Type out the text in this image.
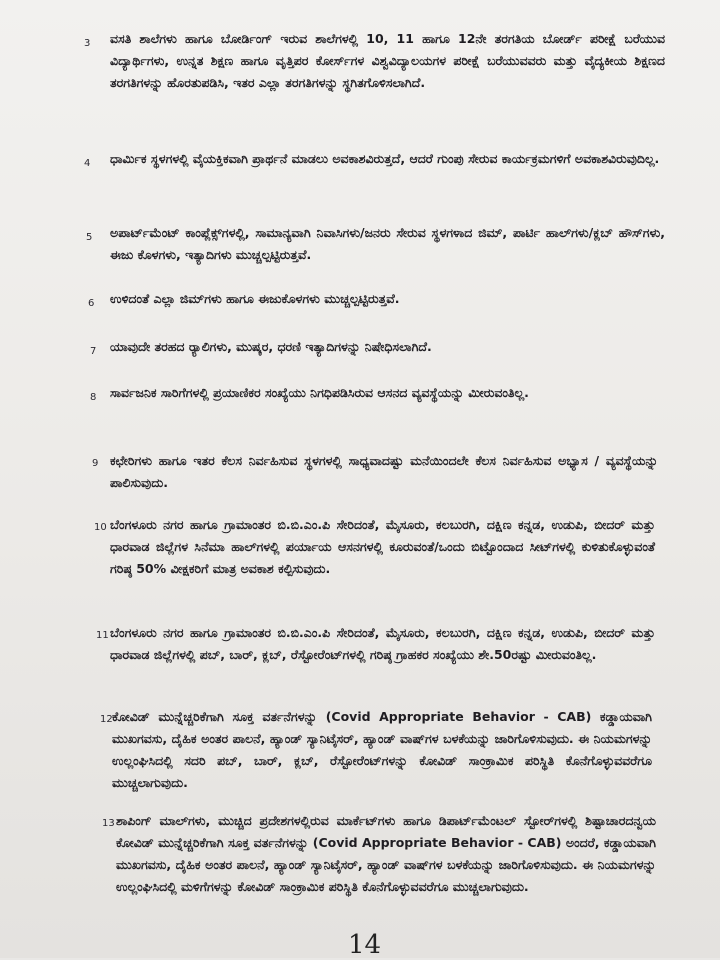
3 ವಸತಿ ಶಾಲೆಗಳು ಹಾಗೂ ಬೋರ್ಡಿಂಗ್ ಇರುವ ಶಾಲೆಗಳಲ್ಲಿ 10, 11 ಹಾಗೂ 12ನೇ ತರಗತಿಯ ಬೋರ್ಡ್ ಪರೀಕ್ಷೆ ಬರೆಯುವ ವಿದ್ಯಾರ್ಥಿಗಳು, ಉನ್ನತ ಶಿಕ್ಷಣ ಹಾಗೂ ವೃತ್ತಿಪರ ಕೋರ್ಸ್‌ಗಳ ವಿಶ್ವವಿದ್ಯಾಲಯಗಳ ಪರೀಕ್ಷೆ ಬರೆಯುವವರು ಮತ್ತು ವೈದ್ಯಕೀಯ ಶಿಕ್ಷಣದ ತರಗತಿಗಳನ್ನು ಹೊರತುಪಡಿಸಿ, ಇತರ ಎಲ್ಲಾ ತರಗತಿಗಳನ್ನು ಸ್ಥಗಿತಗೊಳಿಸಲಾಗಿದೆ.
4 ಧಾರ್ಮಿಕ ಸ್ಥಳಗಳಲ್ಲಿ ವೈಯಕ್ತಿಕವಾಗಿ ಪ್ರಾರ್ಥನೆ ಮಾಡಲು ಅವಕಾಶವಿರುತ್ತದೆ, ಆದರೆ ಗುಂಪು ಸೇರುವ ಕಾರ್ಯಕ್ರಮಗಳಿಗೆ ಅವಕಾಶವಿರುವುದಿಲ್ಲ.
5 ಅಪಾರ್ಟ್‌ಮೆಂಟ್ ಕಾಂಪ್ಲೆಕ್ಸ್‌ಗಳಲ್ಲಿ, ಸಾಮಾನ್ಯವಾಗಿ ನಿವಾಸಿಗಳು/ಜನರು ಸೇರುವ ಸ್ಥಳಗಳಾದ ಜಿಮ್, ಪಾರ್ಟಿ ಹಾಲ್‌ಗಳು/ಕ್ಲಬ್ ಹೌಸ್‌ಗಳು, ಈಜು ಕೊಳಗಳು, ಇತ್ಯಾದಿಗಳು ಮುಚ್ಚಲ್ಪಟ್ಟಿರುತ್ತವೆ.
6 ಉಳಿದಂತೆ ಎಲ್ಲಾ ಜಿಮ್‌ಗಳು ಹಾಗೂ ಈಜುಕೊಳಗಳು ಮುಚ್ಚಲ್ಪಟ್ಟಿರುತ್ತವೆ.
7 ಯಾವುದೇ ತರಹದ ರ‍್ಯಾಲಿಗಳು, ಮುಷ್ಕರ, ಧರಣಿ ಇತ್ಯಾದಿಗಳನ್ನು ನಿಷೇಧಿಸಲಾಗಿದೆ.
8 ಸಾರ್ವಜನಿಕ ಸಾರಿಗೆಗಳಲ್ಲಿ ಪ್ರಯಾಣಿಕರ ಸಂಖ್ಯೆಯು ನಿಗಧಿಪಡಿಸಿರುವ ಆಸನದ ವ್ಯವಸ್ಥೆಯನ್ನು ಮೀರುವಂತಿಲ್ಲ.
9 ಕಛೇರಿಗಳು ಹಾಗೂ ಇತರ ಕೆಲಸ ನಿರ್ವಹಿಸುವ ಸ್ಥಳಗಳಲ್ಲಿ ಸಾಧ್ಯವಾದಷ್ಟು ಮನೆಯಿಂದಲೇ ಕೆಲಸ ನಿರ್ವಹಿಸುವ ಅಭ್ಯಾಸ / ವ್ಯವಸ್ಥೆಯನ್ನು ಪಾಲಿಸುವುದು.
10 ಬೆಂಗಳೂರು ನಗರ ಹಾಗೂ ಗ್ರಾಮಾಂತರ ಬಿ.ಬಿ.ಎಂ.ಪಿ ಸೇರಿದಂತೆ, ಮೈಸೂರು, ಕಲಬುರಗಿ, ದಕ್ಷಿಣ ಕನ್ನಡ, ಉಡುಪಿ, ಬೀದರ್ ಮತ್ತು ಧಾರವಾಡ ಜಿಲ್ಲೆಗಳ ಸಿನೆಮಾ ಹಾಲ್‌ಗಳಲ್ಲಿ ಪರ್ಯಾಯ ಆಸನಗಳಲ್ಲಿ ಕೂರುವಂತೆ/ಒಂದು ಬಿಟ್ಟೊಂದಾದ ಸೀಟ್‌ಗಳಲ್ಲಿ ಕುಳಿತುಕೊಳ್ಳುವಂತೆ ಗರಿಷ್ಠ 50% ವೀಕ್ಷಕರಿಗೆ ಮಾತ್ರ ಅವಕಾಶ ಕಲ್ಪಿಸುವುದು.
11 ಬೆಂಗಳೂರು ನಗರ ಹಾಗೂ ಗ್ರಾಮಾಂತರ ಬಿ.ಬಿ.ಎಂ.ಪಿ ಸೇರಿದಂತೆ, ಮೈಸೂರು, ಕಲಬುರಗಿ, ದಕ್ಷಿಣ ಕನ್ನಡ, ಉಡುಪಿ, ಬೀದರ್ ಮತ್ತು ಧಾರವಾಡ ಜಿಲ್ಲೆಗಳಲ್ಲಿ ಪಬ್, ಬಾರ್, ಕ್ಲಬ್, ರೆಸ್ಟೋರೆಂಟ್‌ಗಳಲ್ಲಿ ಗರಿಷ್ಠ ಗ್ರಾಹಕರ ಸಂಖ್ಯೆಯು ಶೇ.50ರಷ್ಟು ಮೀರುವಂತಿಲ್ಲ.
12 ಕೋವಿಡ್ ಮುನ್ನೆಚ್ಚರಿಕೆಗಾಗಿ ಸೂಕ್ತ ವರ್ತನೆಗಳನ್ನು (Covid Appropriate Behavior - CAB) ಕಡ್ಡಾಯವಾಗಿ ಮುಖಗವಸು, ದೈಹಿಕ ಅಂತರ ಪಾಲನೆ, ಹ್ಯಾಂಡ್ ಸ್ಯಾನಿಟೈಸರ್, ಹ್ಯಾಂಡ್ ವಾಷ್‌ಗಳ ಬಳಕೆಯನ್ನು ಜಾರಿಗೊಳಿಸುವುದು. ಈ ನಿಯಮಗಳನ್ನು ಉಲ್ಲಂಘಿಸಿದಲ್ಲಿ ಸದರಿ ಪಬ್, ಬಾರ್, ಕ್ಲಬ್, ರೆಸ್ಟೋರೆಂಟ್‌ಗಳನ್ನು ಕೋವಿಡ್ ಸಾಂಕ್ರಾಮಿಕ ಪರಿಸ್ಥಿತಿ ಕೊನೆಗೊಳ್ಳುವವರೆಗೂ ಮುಚ್ಚಲಾಗುವುದು.
13 ಶಾಪಿಂಗ್ ಮಾಲ್‌ಗಳು, ಮುಚ್ಚಿದ ಪ್ರದೇಶಗಳಲ್ಲಿರುವ ಮಾರ್ಕೆಟ್‌ಗಳು ಹಾಗೂ ಡಿಪಾರ್ಟ್‌ಮೆಂಟಲ್ ಸ್ಟೋರ್‌ಗಳಲ್ಲಿ ಶಿಷ್ಟಾಚಾರದನ್ವಯ ಕೋವಿಡ್ ಮುನ್ನೆಚ್ಚರಿಕೆಗಾಗಿ ಸೂಕ್ತ ವರ್ತನೆಗಳನ್ನು (Covid Appropriate Behavior - CAB) ಅಂದರೆ, ಕಡ್ಡಾಯವಾಗಿ ಮುಖಗವಸು, ದೈಹಿಕ ಅಂತರ ಪಾಲನೆ, ಹ್ಯಾಂಡ್ ಸ್ಯಾನಿಟೈಸರ್, ಹ್ಯಾಂಡ್ ವಾಷ್‌ಗಳ ಬಳಕೆಯನ್ನು ಜಾರಿಗೊಳಿಸುವುದು. ಈ ನಿಯಮಗಳನ್ನು ಉಲ್ಲಂಘಿಸಿದಲ್ಲಿ ಮಳಿಗೆಗಳನ್ನು ಕೋವಿಡ್ ಸಾಂಕ್ರಾಮಿಕ ಪರಿಸ್ಥಿತಿ ಕೊನೆಗೊಳ್ಳುವವರೆಗೂ ಮುಚ್ಚಲಾಗುವುದು.
14
